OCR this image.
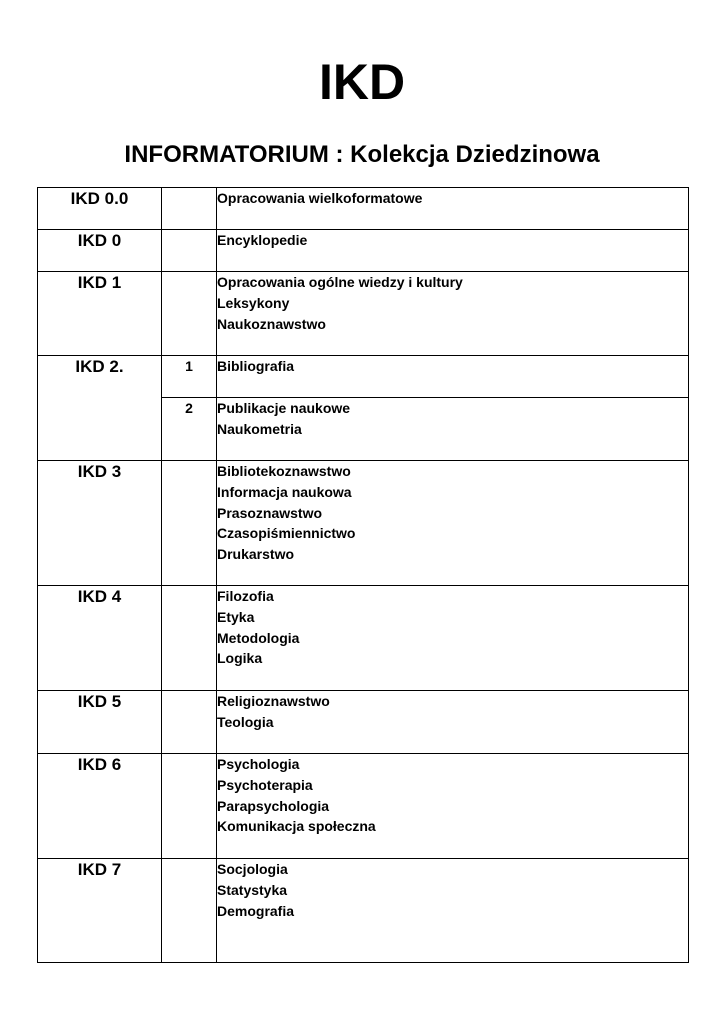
IKD
INFORMATORIUM : Kolekcja Dziedzinowa
IKD 0.0		Opracowania wielkoformatowe

IKD 0		Encyklopedie

IKD 1		Opracowania ogólne wiedzy i kultury
Leksykony
Naukoznawstwo

IKD 2.	1	Bibliografia

	2	Publikacje naukowe
Naukometria

IKD 3		Bibliotekoznawstwo
Informacja naukowa
Prasoznawstwo
Czasopiśmiennictwo
Drukarstwo

IKD 4		Filozofia
Etyka
Metodologia
Logika

IKD 5		Religioznawstwo
Teologia

IKD 6		Psychologia
Psychoterapia
Parapsychologia
Komunikacja społeczna

IKD 7		Socjologia
Statystyka
Demografia
